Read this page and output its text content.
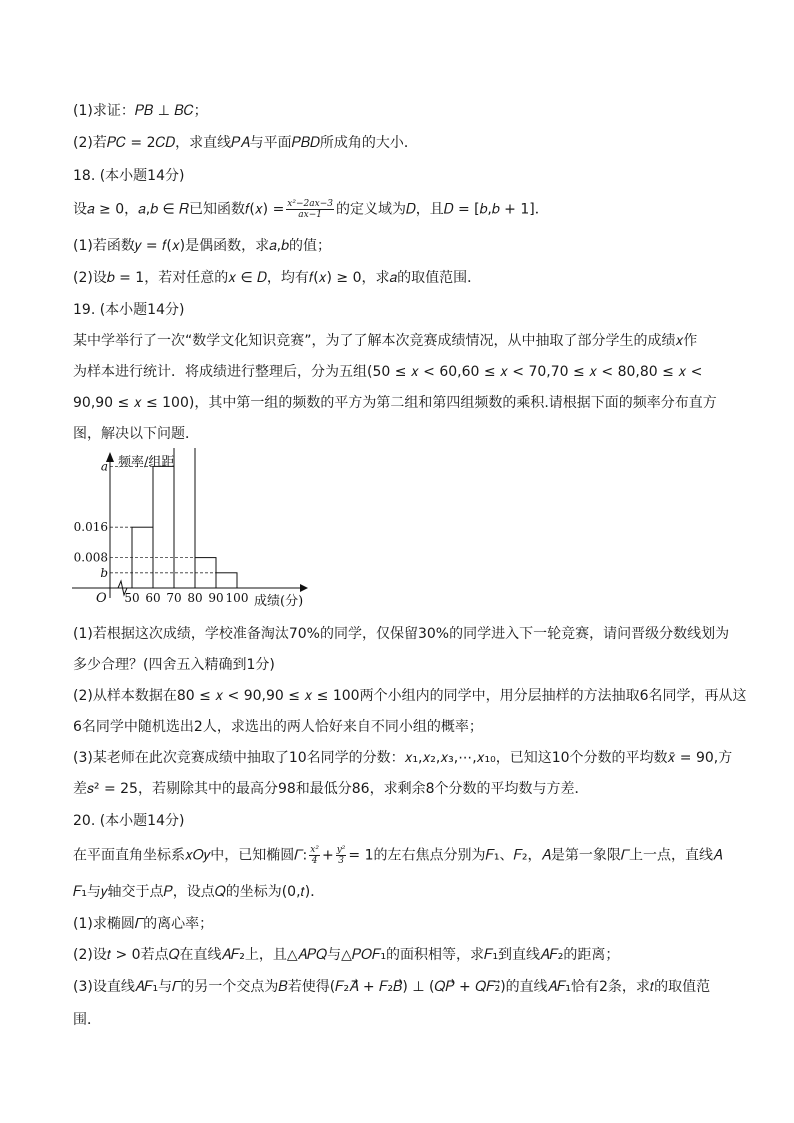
(1)求证：𝑃𝐵 ⊥ 𝐵𝐶；
(2)若𝑃𝐶 = 2𝐶𝐷，求直线𝑃𝐴与平面𝑃𝐵𝐷所成角的大小．
18. (本小题14分)
设𝑎 ≥ 0，𝑎,𝑏 ∈ 𝑅已知函数𝑓(𝑥) = $\frac{\text{x²−2ax−3}}{ax-1}$ 的定义域为𝐷，且𝐷 = [𝑏,𝑏 + 1]．
(1)若函数𝑦 = 𝑓(𝑥)是偶函数，求𝑎,𝑏的值；
(2)设𝑏 = 1，若对任意的𝑥 ∈ 𝐷，均有𝑓(𝑥) ≥ 0，求𝑎的取值范围．
19. (本小题14分)
某中学举行了一次“数学文化知识竞赛”，为了了解本次竞赛成绩情况，从中抽取了部分学生的成绩𝑥作
为样本进行统计．将成绩进行整理后，分为五组(50 ≤ 𝑥 < 60,60 ≤ 𝑥 < 70,70 ≤ 𝑥 < 80,80 ≤ 𝑥 <
90,90 ≤ 𝑥 ≤ 100)，其中第一组的频数的平方为第二组和第四组频数的乘积.请根据下面的频率分布直方
图，解决以下问题．
频率/组距
成绩(分)
O
a
0.016
0.008
b
50 60 70 80 90 100
(1)若根据这次成绩，学校准备淘汰70%的同学，仅保留30%的同学进入下一轮竞赛，请问晋级分数线划为
多少合理？(四舍五入精确到1分)
(2)从样本数据在80 ≤ 𝑥 < 90,90 ≤ 𝑥 ≤ 100两个小组内的同学中，用分层抽样的方法抽取6名同学，再从这
6名同学中随机选出2人，求选出的两人恰好来自不同小组的概率；
(3)某老师在此次竞赛成绩中抽取了10名同学的分数：𝑥₁,𝑥₂,𝑥₃,⋯,𝑥₁₀，已知这10个分数的平均数𝑥̄ = 90,方
差𝑠² = 25，若剔除其中的最高分98和最低分86，求剩余8个分数的平均数与方差．
20. (本小题14分)
在平面直角坐标系𝑥𝑂𝑦中，已知椭圆𝛤: $\frac{\text{x²}}{4} + \frac{\text{y²}}{3} = 1$的左右焦点分别为𝐹₁、𝐹₂，𝐴是第一象限𝛤上一点，直线𝐴
𝐹₁与𝑦轴交于点𝑃，设点𝑄的坐标为(0,𝑡)．
(1)求椭圆𝛤的离心率；
(2)设𝑡 > 0若点𝑄在直线𝐴𝐹₂上，且△𝐴𝑃𝑄与△𝑃𝑂𝐹₁的面积相等，求𝐹₁到直线𝐴𝐹₂的距离；
(3)设直线𝐴𝐹₁与𝛤的另一个交点为𝐵若使得(𝐹₂𝐴⃗ + 𝐹₂𝐵⃗) ⊥ (𝑄𝑃⃗ + 𝑄𝐹₂⃗)的直线𝐴𝐹₁恰有2条，求𝑡的取值范
围．
